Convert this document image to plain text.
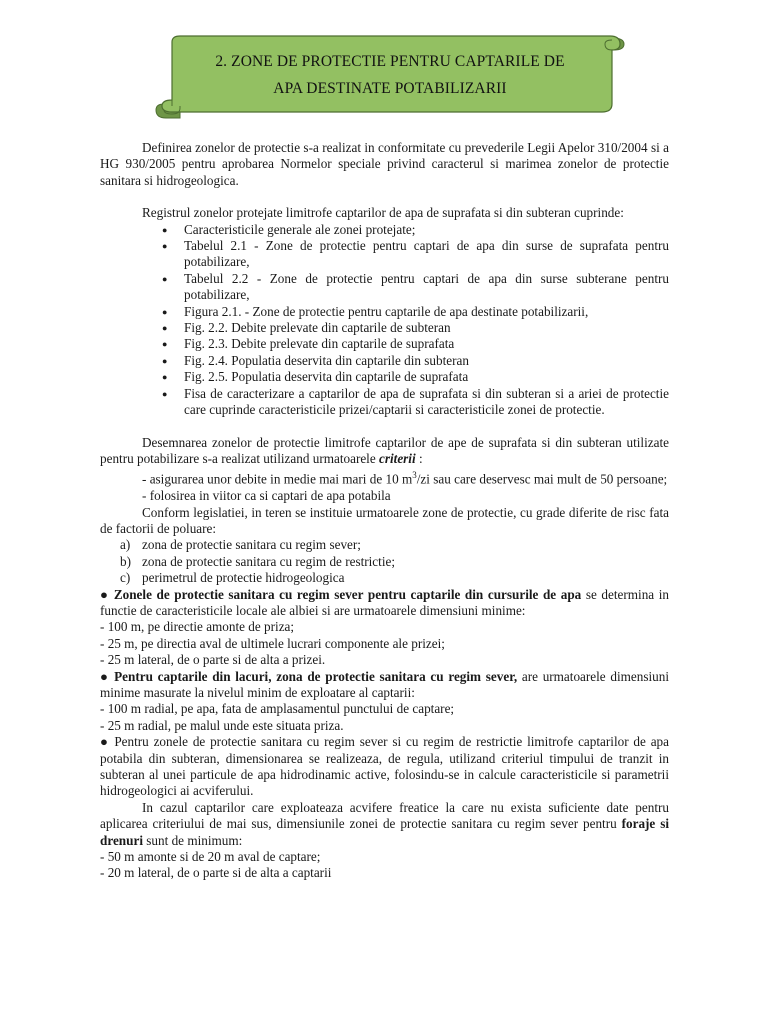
2. ZONE DE PROTECTIE PENTRU CAPTARILE DE
APA DESTINATE POTABILIZARII

Definirea zonelor de protectie s-a realizat in conformitate cu prevederile Legii Apelor 310/2004 si a HG 930/2005 pentru aprobarea Normelor speciale privind caracterul si marimea zonelor de protectie sanitara si hidrogeologica.

Registrul zonelor protejate limitrofe captarilor de apa de suprafata si din subteran cuprinde:

● Caracteristicile generale ale zonei protejate;
● Tabelul 2.1 - Zone de protectie pentru captari de apa din surse de suprafata pentru potabilizare,
● Tabelul 2.2 - Zone de protectie pentru captari de apa din surse subterane pentru potabilizare,
● Figura 2.1. - Zone de protectie pentru captarile de apa destinate potabilizarii,
● Fig. 2.2. Debite prelevate din captarile de subteran
● Fig. 2.3. Debite prelevate din captarile de suprafata
● Fig. 2.4. Populatia deservita din captarile din subteran
● Fig. 2.5. Populatia deservita din captarile de suprafata
● Fisa de caracterizare a captarilor de apa de suprafata si din subteran si a ariei de protectie care cuprinde caracteristicile prizei/captarii si caracteristicile zonei de protectie.

Desemnarea zonelor de protectie limitrofe captarilor de ape de suprafata si din subteran utilizate pentru potabilizare s-a realizat utilizand urmatoarele criterii :

- asigurarea unor debite in medie mai mari de 10 $m^3/zi$ sau care deservesc mai mult de 50 persoane;

- folosirea in viitor ca si captari de apa potabila

Conform legislatiei, in teren se instituie urmatoarele zone de protectie, cu grade diferite de risc fata de factorii de poluare:

a) zona de protectie sanitara cu regim sever;
b) zona de protectie sanitara cu regim de restrictie;
c) perimetrul de protectie hidrogeologica

● Zonele de protectie sanitara cu regim sever pentru captarile din cursurile de apa se determina in functie de caracteristicile locale ale albiei si are urmatoarele dimensiuni minime:

- 100 m, pe directie amonte de priza;

- 25 m, pe directia aval de ultimele lucrari componente ale prizei;

- 25 m lateral, de o parte si de alta a prizei.

● Pentru captarile din lacuri, zona de protectie sanitara cu regim sever, are urmatoarele dimensiuni minime masurate la nivelul minim de exploatare al captarii:

- 100 m radial, pe apa, fata de amplasamentul punctului de captare;

- 25 m radial, pe malul unde este situata priza.

● Pentru zonele de protectie sanitara cu regim sever si cu regim de restrictie limitrofe captarilor de apa potabila din subteran, dimensionarea se realizeaza, de regula, utilizand criteriul timpului de tranzit in subteran al unei particule de apa hidrodinamic active, folosindu-se in calcule caracteristicile si parametrii hidrogeologici ai acviferului.

In cazul captarilor care exploateaza acvifere freatice la care nu exista suficiente date pentru aplicarea criteriului de mai sus, dimensiunile zonei de protectie sanitara cu regim sever pentru foraje si drenuri sunt de minimum:

- 50 m amonte si de 20 m aval de captare;

- 20 m lateral, de o parte si de alta a captarii
